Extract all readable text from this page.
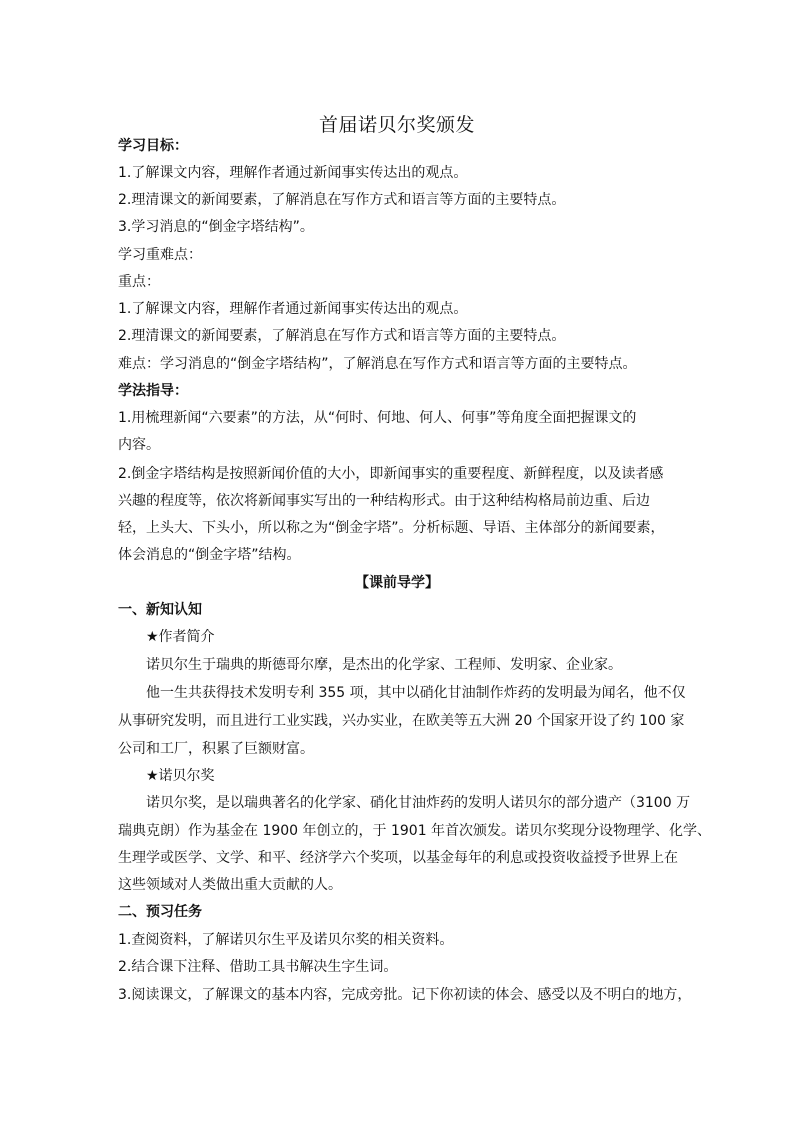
首届诺贝尔奖颁发

学习目标：

1.了解课文内容，理解作者通过新闻事实传达出的观点。

2.理清课文的新闻要素，了解消息在写作方式和语言等方面的主要特点。

3.学习消息的“倒金字塔结构”。

学习重难点：

重点：

1.了解课文内容，理解作者通过新闻事实传达出的观点。

2.理清课文的新闻要素，了解消息在写作方式和语言等方面的主要特点。

难点：学习消息的“倒金字塔结构”，了解消息在写作方式和语言等方面的主要特点。

学法指导：

1.用梳理新闻“六要素”的方法，从“何时、何地、何人、何事”等角度全面把握课文的

内容。

2.倒金字塔结构是按照新闻价值的大小，即新闻事实的重要程度、新鲜程度，以及读者感

兴趣的程度等，依次将新闻事实写出的一种结构形式。由于这种结构格局前边重、后边

轻，上头大、下头小，所以称之为“倒金字塔”。分析标题、导语、主体部分的新闻要素，

体会消息的“倒金字塔”结构。

【课前导学】

一、新知认知

★作者简介

诺贝尔生于瑞典的斯德哥尔摩，是杰出的化学家、工程师、发明家、企业家。

他一生共获得技术发明专利 355 项，其中以硝化甘油制作炸药的发明最为闻名，他不仅

从事研究发明，而且进行工业实践，兴办实业，在欧美等五大洲 20 个国家开设了约 100 家

公司和工厂，积累了巨额财富。

★诺贝尔奖

诺贝尔奖，是以瑞典著名的化学家、硝化甘油炸药的发明人诺贝尔的部分遗产（3100 万

瑞典克朗）作为基金在 1900 年创立的，于 1901 年首次颁发。诺贝尔奖现分设物理学、化学、

生理学或医学、文学、和平、经济学六个奖项，以基金每年的利息或投资收益授予世界上在

这些领域对人类做出重大贡献的人。

二、预习任务

1.查阅资料，了解诺贝尔生平及诺贝尔奖的相关资料。

2.结合课下注释、借助工具书解决生字生词。

3.阅读课文，了解课文的基本内容，完成旁批。记下你初读的体会、感受以及不明白的地方，
